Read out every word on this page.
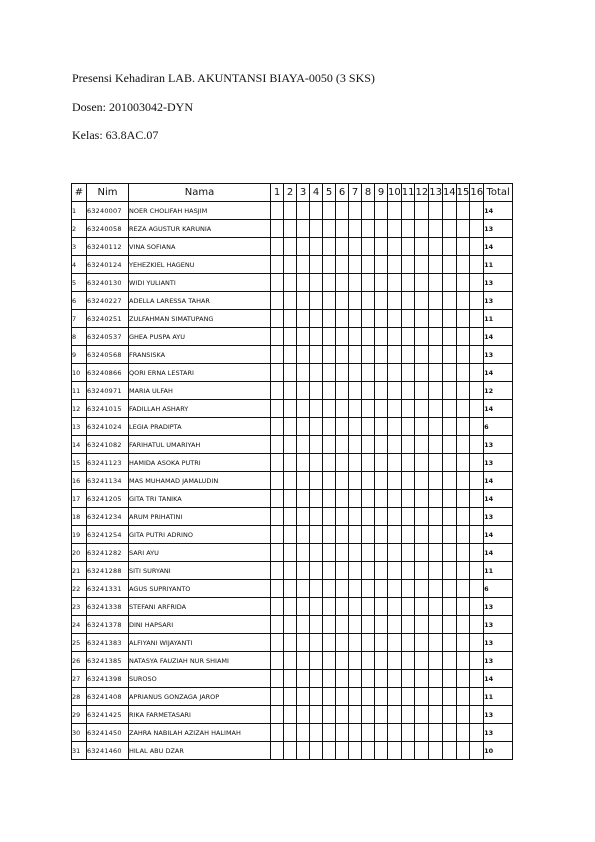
Presensi Kehadiran LAB. AKUNTANSI BIAYA-0050 (3 SKS)
Dosen: 201003042-DYN
Kelas: 63.8AC.07
#	Nim	Nama	1	2	3	4	5	6	7	8	9	10	11	12	13	14	15	16	Total
1	63240007	NOER CHOLIFAH HASJIM																	14
2	63240058	REZA AGUSTUR KARUNIA																	13
3	63240112	VINA SOFIANA																	14
4	63240124	YEHEZKIEL HAGENU																	11
5	63240130	WIDI YULIANTI																	13
6	63240227	ADELLA LARESSA TAHAR																	13
7	63240251	ZULFAHMAN SIMATUPANG																	11
8	63240537	GHEA PUSPA AYU																	14
9	63240568	FRANSISKA																	13
10	63240866	QORI ERNA LESTARI																	14
11	63240971	MARIA ULFAH																	12
12	63241015	FADILLAH ASHARY																	14
13	63241024	LEGIA PRADIPTA																	6
14	63241082	FARIHATUL UMARIYAH																	13
15	63241123	HAMIDA ASOKA PUTRI																	13
16	63241134	MAS MUHAMAD JAMALUDIN																	14
17	63241205	GITA TRI TANIKA																	14
18	63241234	ARUM PRIHATINI																	13
19	63241254	GITA PUTRI ADRINO																	14
20	63241282	SARI AYU																	14
21	63241288	SITI SURYANI																	11
22	63241331	AGUS SUPRIYANTO																	6
23	63241338	STEFANI ARFRIDA																	13
24	63241378	DINI HAPSARI																	13
25	63241383	ALFIYANI WIJAYANTI																	13
26	63241385	NATASYA FAUZIAH NUR SHIAMI																	13
27	63241398	SUROSO																	14
28	63241408	APRIANUS GONZAGA JAROP																	11
29	63241425	RIKA FARMETASARI																	13
30	63241450	ZAHRA NABILAH AZIZAH HALIMAH																	13
31	63241460	HILAL ABU DZAR																	10
